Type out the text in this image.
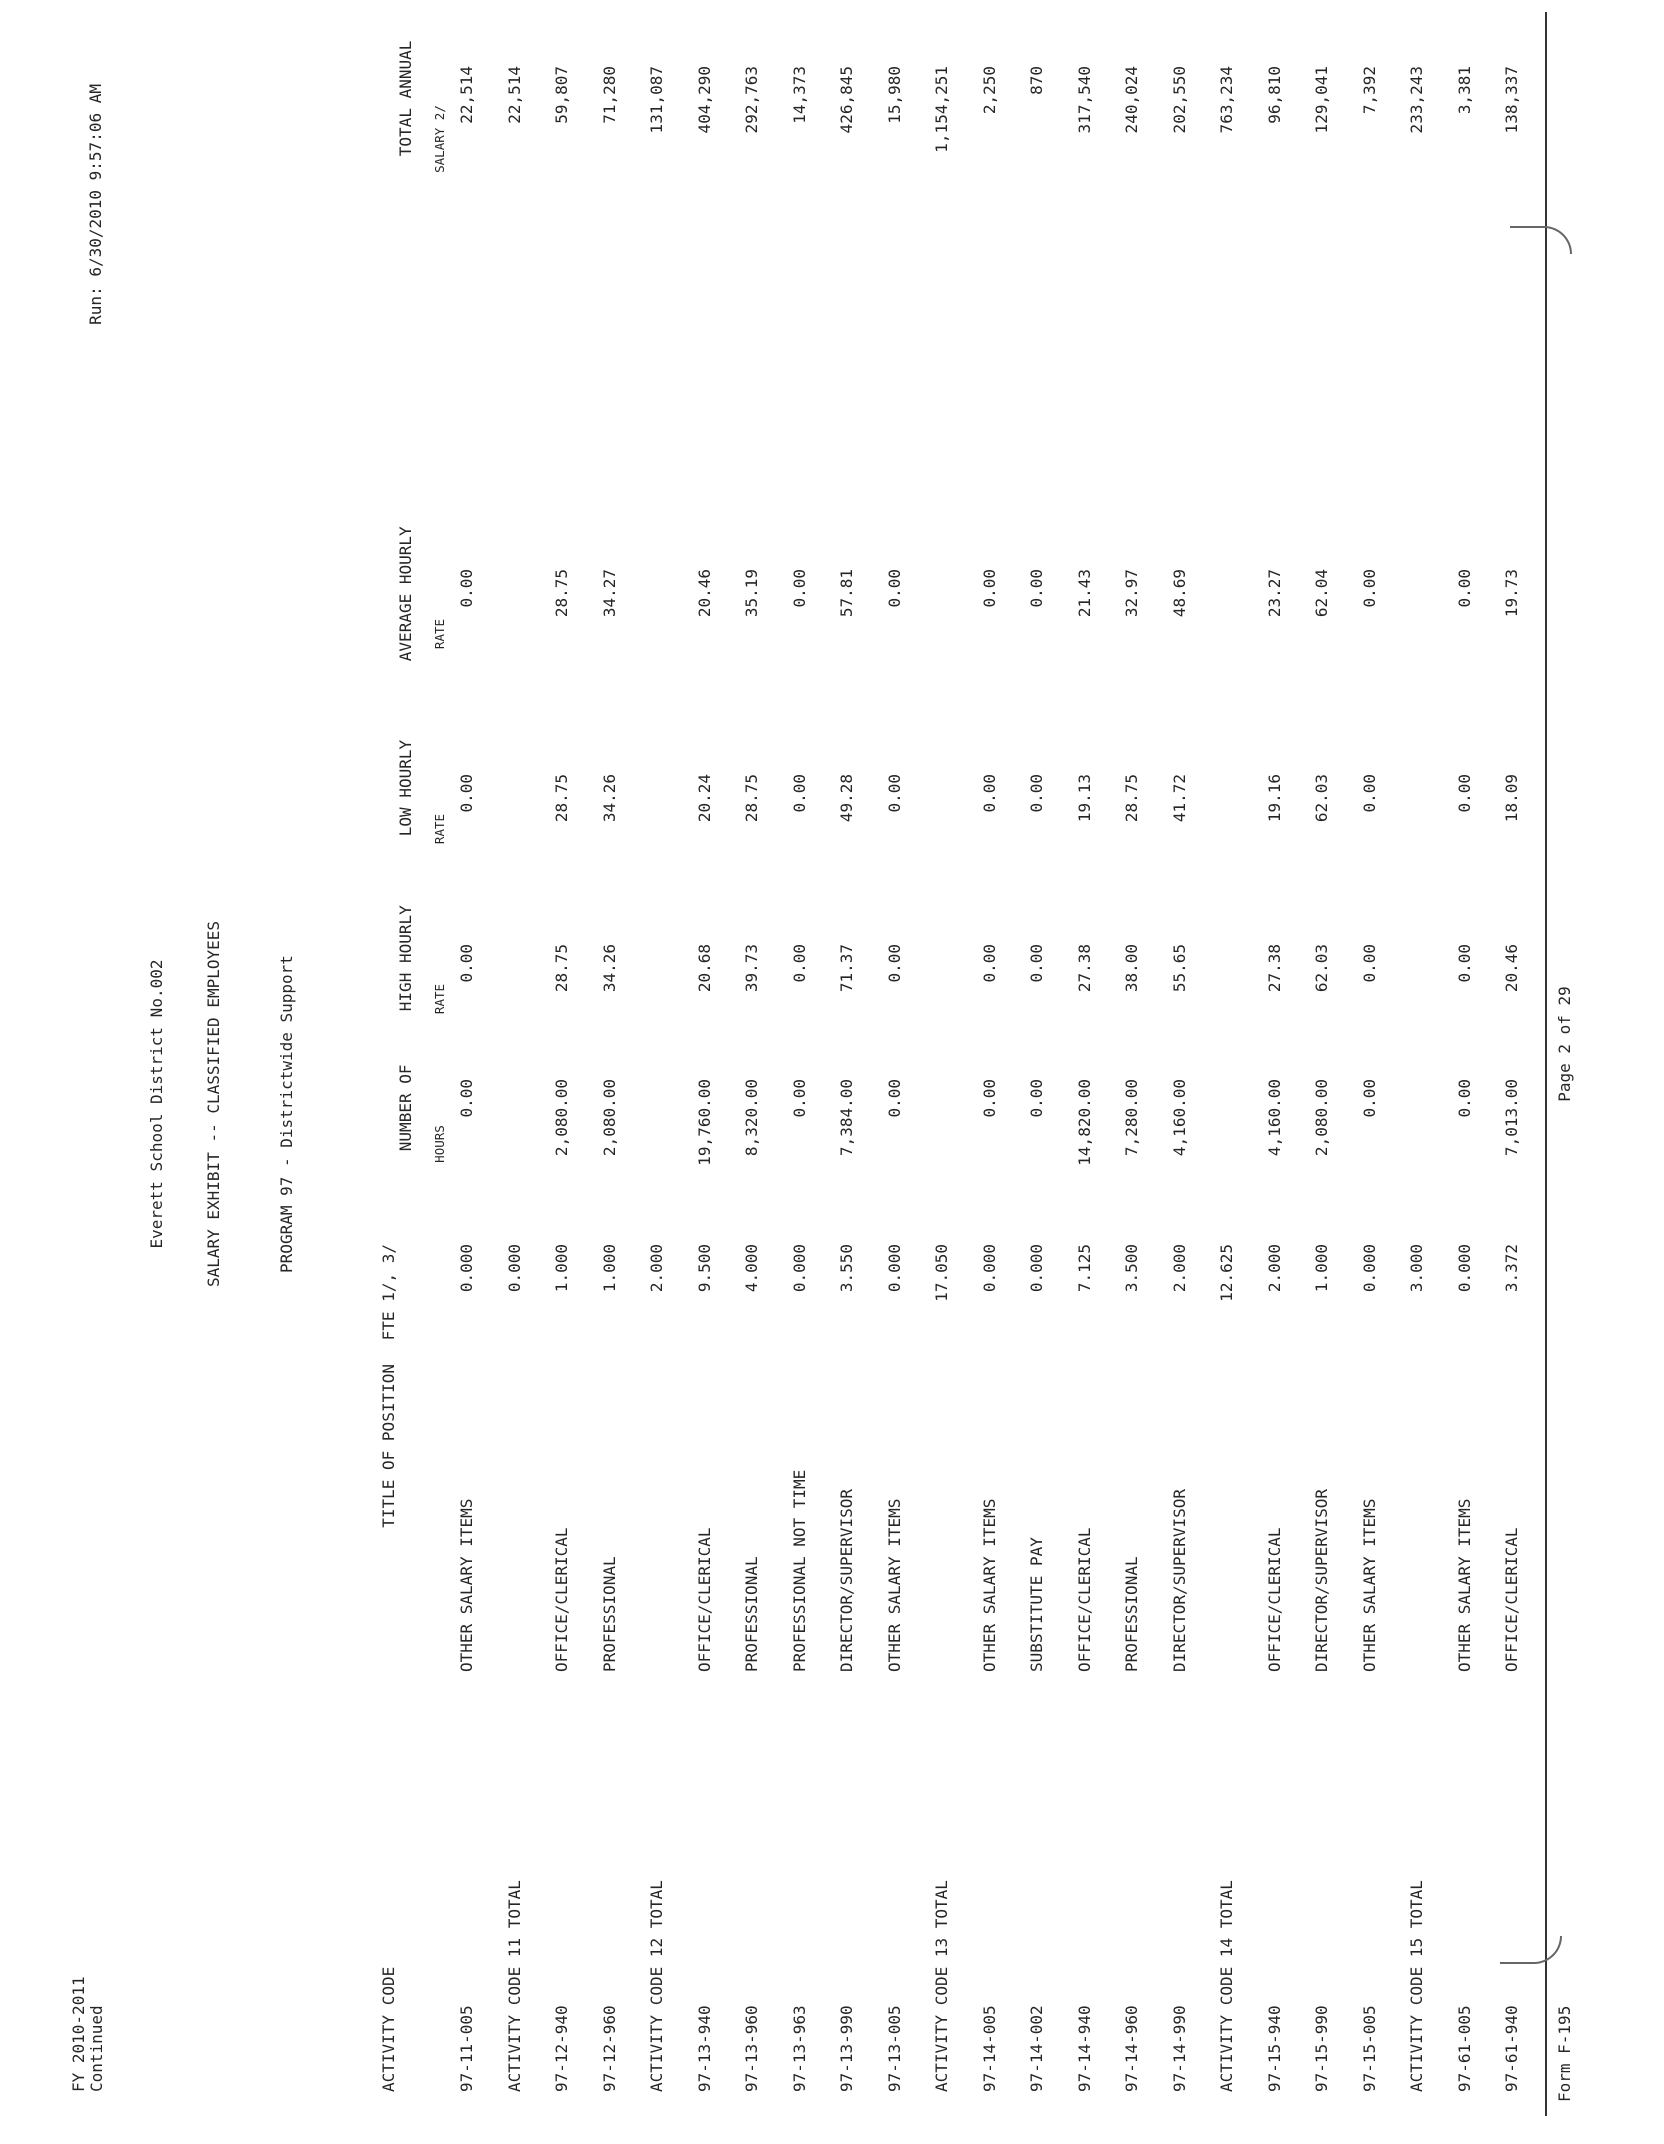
FY 2010-2011 Continued
Everett School District No.002 SALARY EXHIBIT -- CLASSIFIED EMPLOYEES	PROGRAM 97 - Districtwide Support
Run: 6/30/2010 9:57:06 AM
ACTIVITY CODE
TITLE OF POSITION
FTE 1/, 3/

NUMBER OF
HOURS

HIGH HOURLY
RATE

LOW HOURLY
RATE

AVERAGE HOURLY
RATE

TOTAL ANNUAL
SALARY 2/

97-11-005
OTHER SALARY ITEMS
0.000
0.00
0.00
0.00
0.00
22,514
ACTIVITY CODE 11 TOTAL
0.000
22,514
97-12-940
OFFICE/CLERICAL
1.000
2,080.00
28.75
28.75
28.75
59,807
97-12-960
PROFESSIONAL
1.000
2,080.00
34.26
34.26
34.27
71,280
ACTIVITY CODE 12 TOTAL
2.000
131,087
97-13-940
OFFICE/CLERICAL
9.500
19,760.00
20.68
20.24
20.46
404,290
97-13-960
PROFESSIONAL
4.000
8,320.00
39.73
28.75
35.19
292,763
97-13-963
PROFESSIONAL NOT TIME
0.000
0.00
0.00
0.00
0.00
14,373
97-13-990
DIRECTOR/SUPERVISOR
3.550
7,384.00
71.37
49.28
57.81
426,845
97-13-005
OTHER SALARY ITEMS
0.000
0.00
0.00
0.00
0.00
15,980
ACTIVITY CODE 13 TOTAL
17.050
1,154,251
97-14-005
OTHER SALARY ITEMS
0.000
0.00
0.00
0.00
0.00
2,250
97-14-002
SUBSTITUTE PAY
0.000
0.00
0.00
0.00
0.00
870
97-14-940
OFFICE/CLERICAL
7.125
14,820.00
27.38
19.13
21.43
317,540
97-14-960
PROFESSIONAL
3.500
7,280.00
38.00
28.75
32.97
240,024
97-14-990
DIRECTOR/SUPERVISOR
2.000
4,160.00
55.65
41.72
48.69
202,550
ACTIVITY CODE 14 TOTAL
12.625
763,234
97-15-940
OFFICE/CLERICAL
2.000
4,160.00
27.38
19.16
23.27
96,810
97-15-990
DIRECTOR/SUPERVISOR
1.000
2,080.00
62.03
62.03
62.04
129,041
97-15-005
OTHER SALARY ITEMS
0.000
0.00
0.00
0.00
0.00
7,392
ACTIVITY CODE 15 TOTAL
3.000
233,243
97-61-005
OTHER SALARY ITEMS
0.000
0.00
0.00
0.00
0.00
3,381
97-61-940
OFFICE/CLERICAL
3.372
7,013.00
20.46
18.09
19.73
138,337
Form F-195
Page 2 of 29
